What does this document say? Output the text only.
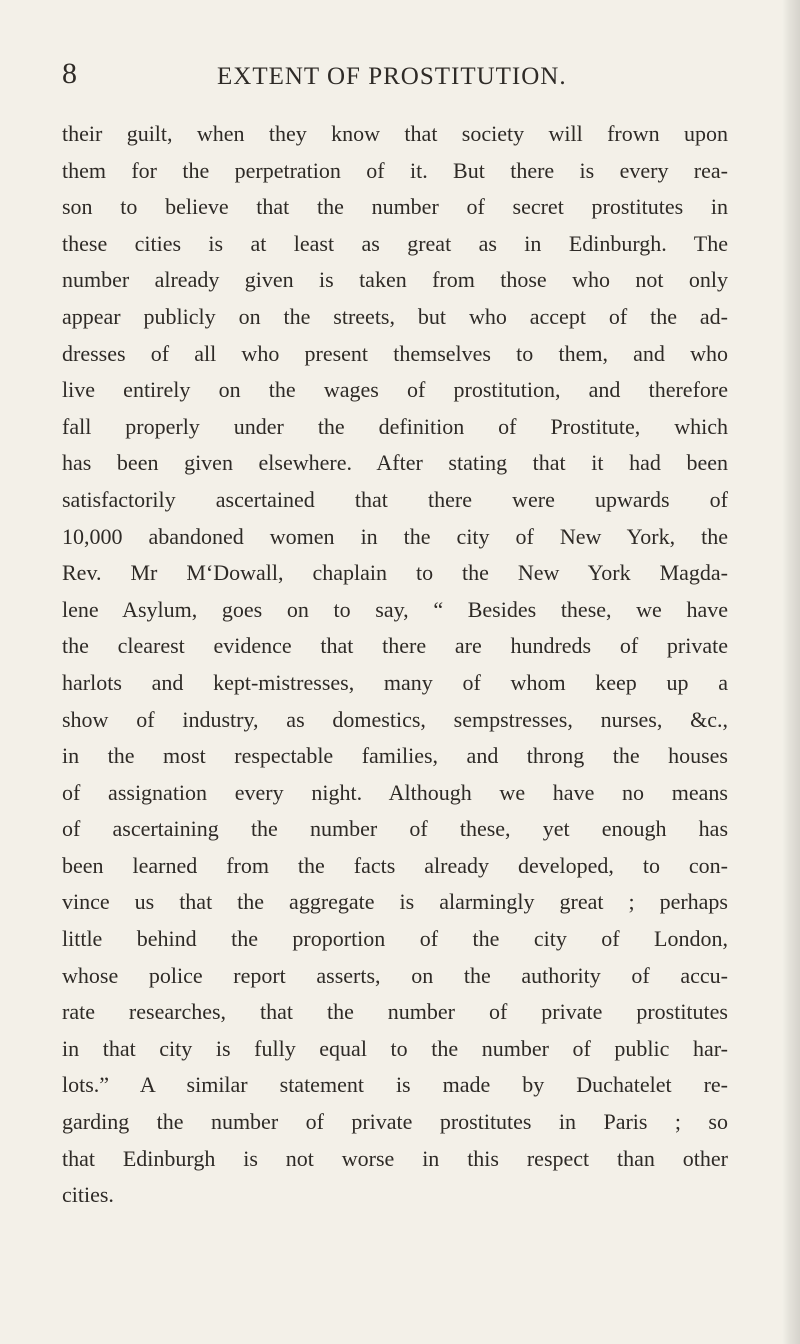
8	EXTENT OF PROSTITUTION.
their guilt, when they know that society will frown upon
them for the perpetration of it. But there is every rea-
son to believe that the number of secret prostitutes in
these cities is at least as great as in Edinburgh. The
number already given is taken from those who not only
appear publicly on the streets, but who accept of the ad-
dresses of all who present themselves to them, and who
live entirely on the wages of prostitution, and therefore
fall properly under the definition of Prostitute, which
has been given elsewhere. After stating that it had been
satisfactorily ascertained that there were upwards of
10,000 abandoned women in the city of New York, the
Rev. Mr M‘Dowall, chaplain to the New York Magda-
lene Asylum, goes on to say, “ Besides these, we have
the clearest evidence that there are hundreds of private
harlots and kept-mistresses, many of whom keep up a
show of industry, as domestics, sempstresses, nurses, &c.,
in the most respectable families, and throng the houses
of assignation every night. Although we have no means
of ascertaining the number of these, yet enough has
been learned from the facts already developed, to con-
vince us that the aggregate is alarmingly great ; perhaps
little behind the proportion of the city of London,
whose police report asserts, on the authority of accu-
rate researches, that the number of private prostitutes
in that city is fully equal to the number of public har-
lots.” A similar statement is made by Duchatelet re-
garding the number of private prostitutes in Paris ; so
that Edinburgh is not worse in this respect than other
cities.
